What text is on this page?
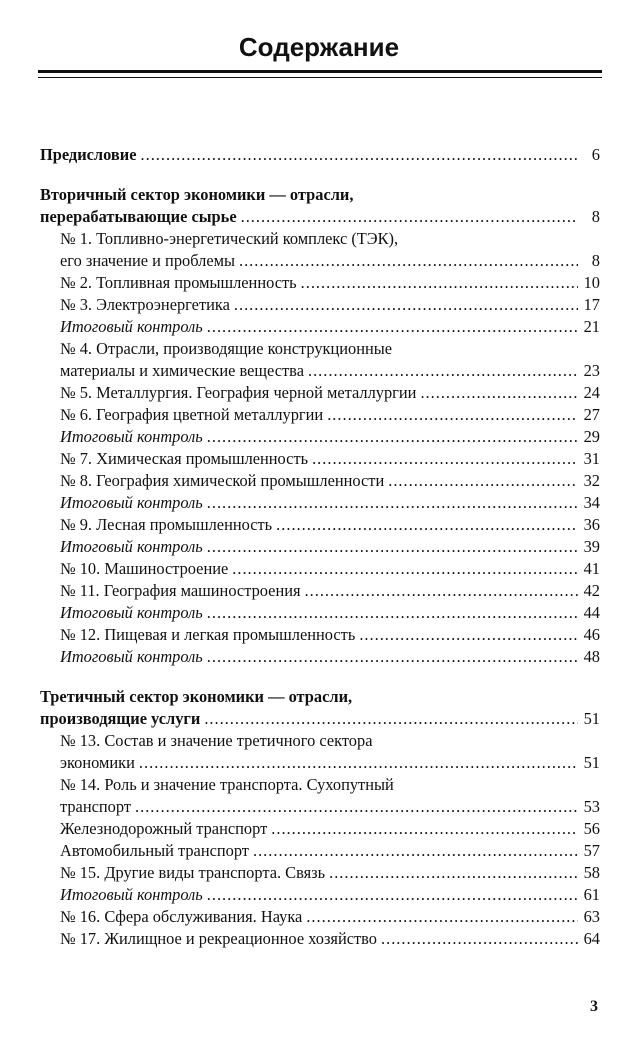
Содержание
Предисловие .....	6
Вторичный сектор экономики — отрасли,
перерабатывающие сырье .....	8
№ 1. Топливно-энергетический комплекс (ТЭК),
его значение и проблемы .....	8
№ 2. Топливная промышленность .....	10
№ 3. Электроэнергетика .....	17
Итоговый контроль .....	21
№ 4. Отрасли, производящие конструкционные
материалы и химические вещества .....	23
№ 5. Металлургия. География черной металлургии .....	24
№ 6. География цветной металлургии .....	27
Итоговый контроль .....	29
№ 7. Химическая промышленность .....	31
№ 8. География химической промышленности .....	32
Итоговый контроль .....	34
№ 9. Лесная промышленность .....	36
Итоговый контроль .....	39
№ 10. Машиностроение .....	41
№ 11. География машиностроения .....	42
Итоговый контроль .....	44
№ 12. Пищевая и легкая промышленность .....	46
Итоговый контроль .....	48
Третичный сектор экономики — отрасли,
производящие услуги .....	51
№ 13. Состав и значение третичного сектора
экономики .....	51
№ 14. Роль и значение транспорта. Сухопутный
транспорт .....	53
Железнодорожный транспорт .....	56
Автомобильный транспорт .....	57
№ 15. Другие виды транспорта. Связь .....	58
Итоговый контроль .....	61
№ 16. Сфера обслуживания. Наука .....	63
№ 17. Жилищное и рекреационное хозяйство .....	64
3
